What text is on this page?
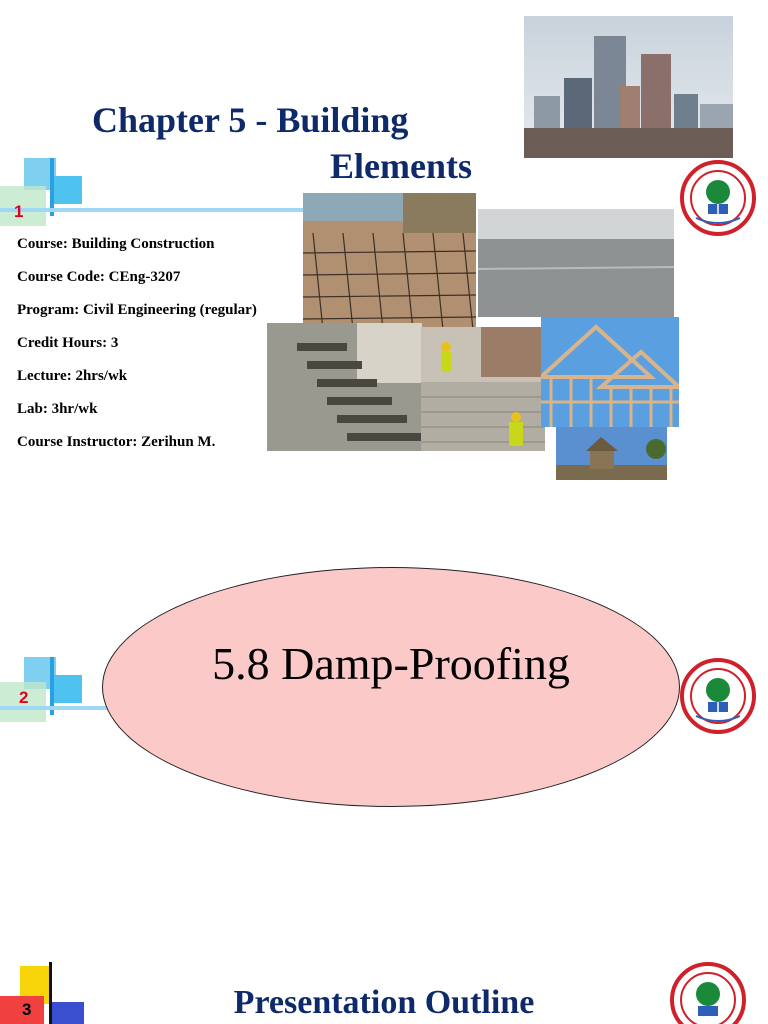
1
Chapter 5 - Building
Elements
Course: Building Construction
Course Code: CEng-3207
Program: Civil Engineering (regular)
Credit Hours: 3
Lecture: 2hrs/wk
Lab: 3hr/wk
Course Instructor: Zerihun M.
2
5.8 Damp-Proofing
3	Presentation Outline
